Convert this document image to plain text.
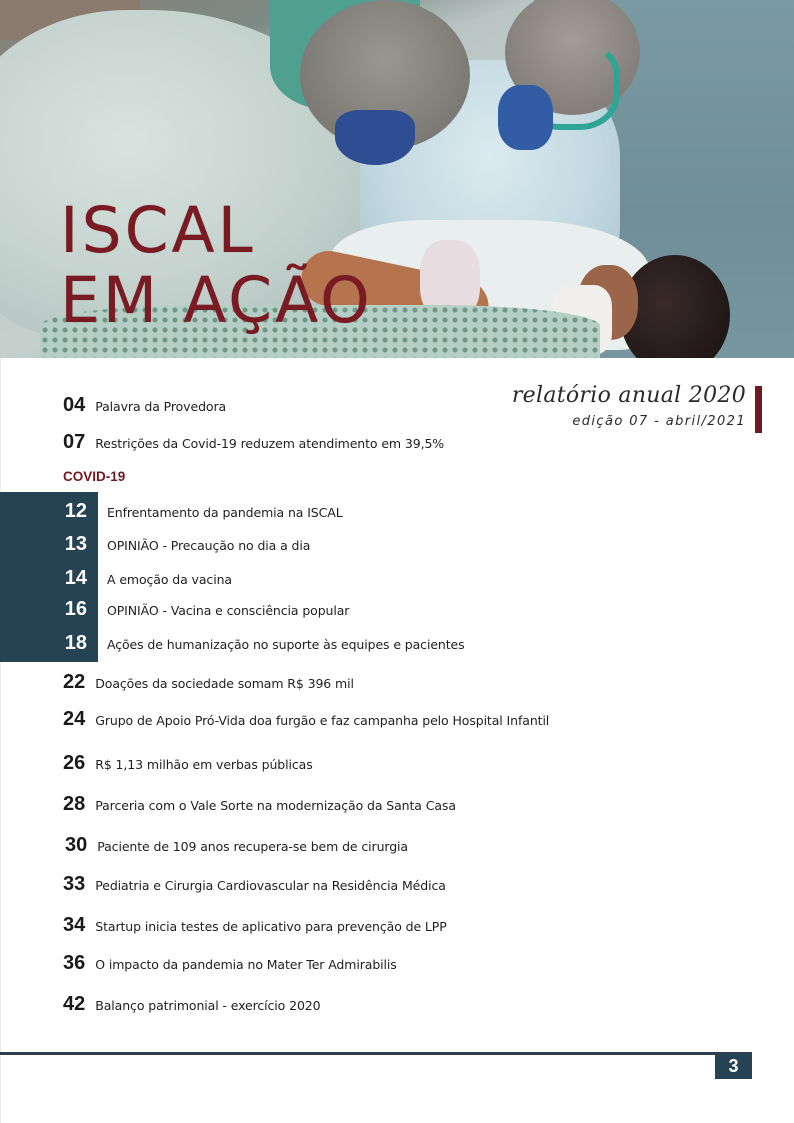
ISCAL
EM AÇÃO
relatório anual 2020
edição 07 - abril/2021
04 Palavra da Provedora
07 Restrições da Covid-19 reduzem atendimento em 39,5%
COVID-19
12 Enfrentamento da pandemia na ISCAL
13 OPINIÃO - Precaução no dia a dia
14 A emoção da vacina
16 OPINIÃO - Vacina e consciência popular
18 Ações de humanização no suporte às equipes e pacientes
22 Doações da sociedade somam R$ 396 mil
24 Grupo de Apoio Pró-Vida doa furgão e faz campanha pelo Hospital Infantil
26 R$ 1,13 milhão em verbas públicas
28 Parceria com o Vale Sorte na modernização da Santa Casa
30 Paciente de 109 anos recupera-se bem de cirurgia
33 Pediatria e Cirurgia Cardiovascular na Residência Médica
34 Startup inicia testes de aplicativo para prevenção de LPP
36 O impacto da pandemia no Mater Ter Admirabilis
42 Balanço patrimonial - exercício 2020
3
